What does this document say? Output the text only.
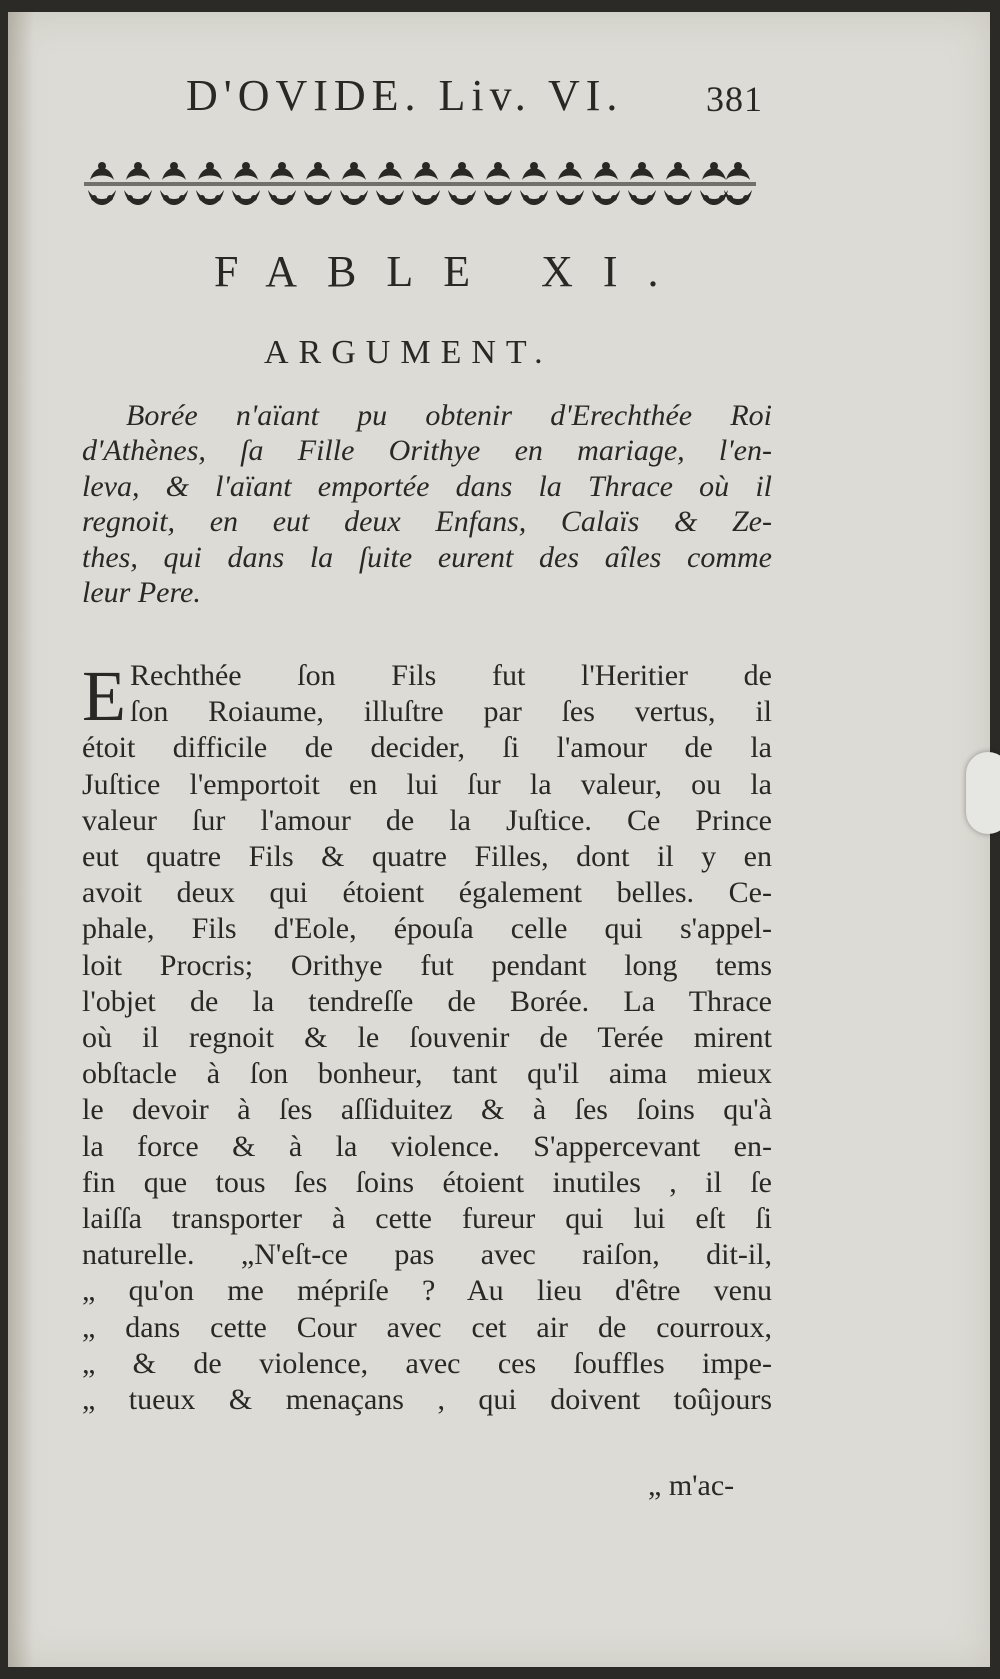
D'OVIDE. Liv. VI. 381
FABLE XI.
ARGUMENT.
Borée n'aïant pu obtenir d'Erechthée Roi
d'Athènes, ſa Fille Orithye en mariage, l'en-
leva, & l'aïant emportée dans la Thrace où il
regnoit, en eut deux Enfans, Calaïs & Ze-
thes, qui dans la ſuite eurent des aîles comme
leur Pere.
E Rechthée ſon Fils fut l'Heritier de
ſon Roiaume, illuſtre par ſes vertus, il
étoit difficile de decider, ſi l'amour de la
Juſtice l'emportoit en lui ſur la valeur, ou la
valeur ſur l'amour de la Juſtice. Ce Prince
eut quatre Fils & quatre Filles, dont il y en
avoit deux qui étoient également belles. Ce-
phale, Fils d'Eole, épouſa celle qui s'appel-
loit Procris; Orithye fut pendant long tems
l'objet de la tendreſſe de Borée. La Thrace
où il regnoit & le ſouvenir de Terée mirent
obſtacle à ſon bonheur, tant qu'il aima mieux
le devoir à ſes aſſiduitez & à ſes ſoins qu'à
la force & à la violence. S'appercevant en-
fin que tous ſes ſoins étoient inutiles , il ſe
laiſſa transporter à cette fureur qui lui eſt ſi
naturelle. „N'eſt-ce pas avec raiſon, dit-il,
„ qu'on me mépriſe ? Au lieu d'être venu
„ dans cette Cour avec cet air de courroux,
„ & de violence, avec ces ſouffles impe-
„ tueux & menaçans , qui doivent toûjours
„ m'ac-
